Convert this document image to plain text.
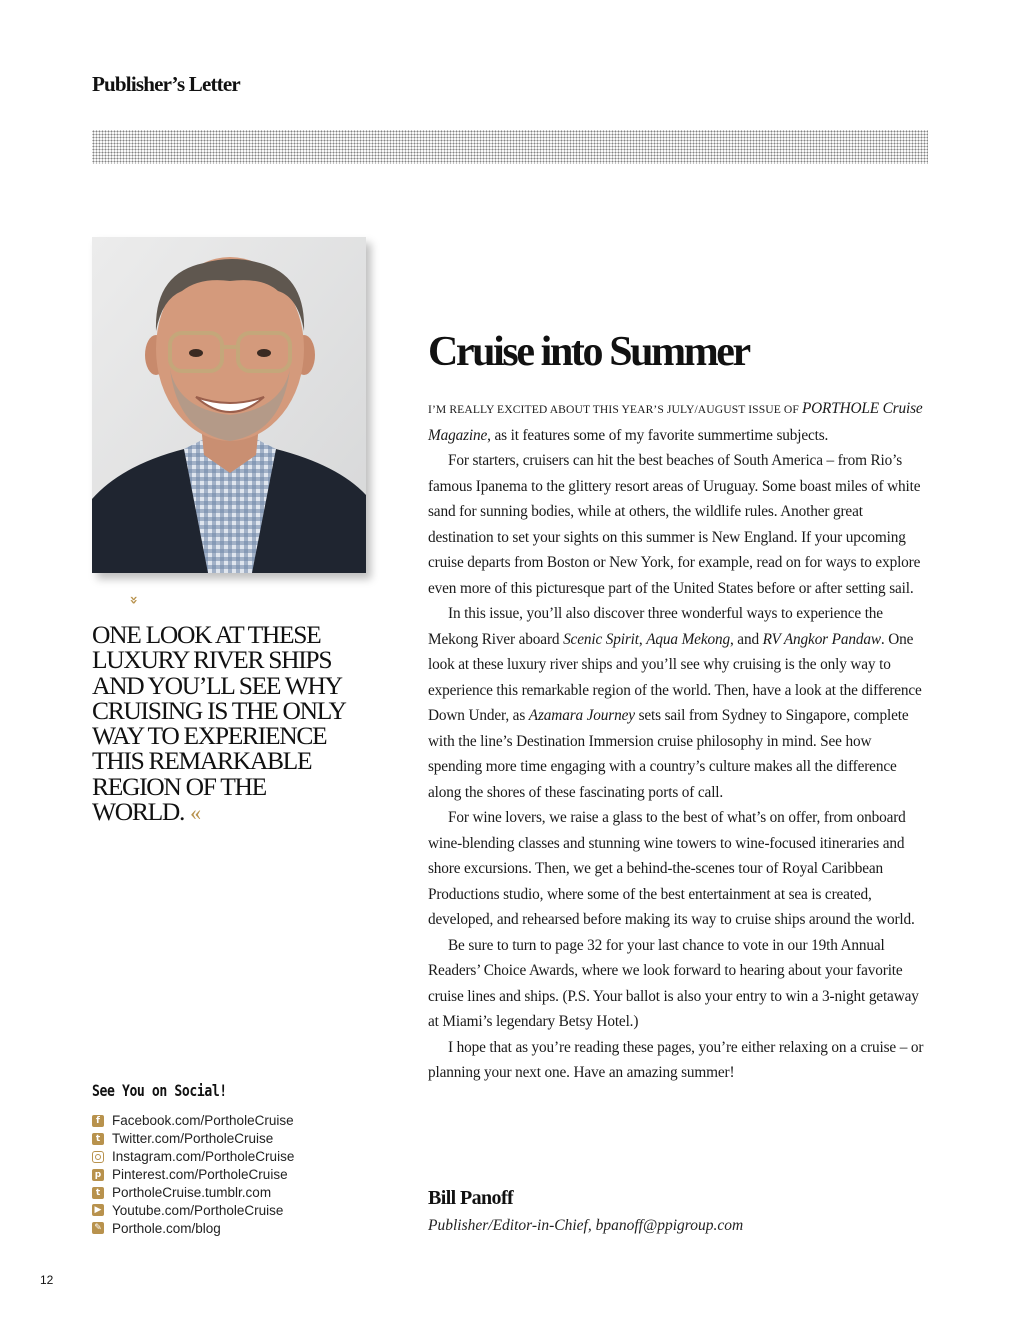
Publisher’s Letter
»
ONE LOOK AT THESE LUXURY RIVER SHIPS AND YOU’LL SEE WHY CRUISING IS THE ONLY WAY TO EXPERIENCE THIS REMARKABLE REGION OF THE WORLD. «
See You on Social!
f Facebook.com/PortholeCruise
t Twitter.com/PortholeCruise
Instagram.com/PortholeCruise
p Pinterest.com/PortholeCruise
t PortholeCruise.tumblr.com
▶ Youtube.com/PortholeCruise
✎ Porthole.com/blog
12
Cruise into Summer

I’M REALLY EXCITED ABOUT THIS YEAR’S JULY/AUGUST ISSUE OF PORTHOLE Cruise Magazine, as it features some of my favorite summertime subjects.

For starters, cruisers can hit the best beaches of South America – from Rio’s famous Ipanema to the glittery resort areas of Uruguay. Some boast miles of white sand for sunning bodies, while at others, the wildlife rules. Another great destination to set your sights on this summer is New England. If your upcoming cruise departs from Boston or New York, for example, read on for ways to explore even more of this picturesque part of the United States before or after setting sail.

In this issue, you’ll also discover three wonderful ways to experience the Mekong River aboard Scenic Spirit, Aqua Mekong, and RV Angkor Pandaw. One look at these luxury river ships and you’ll see why cruising is the only way to experience this remarkable region of the world. Then, have a look at the difference Down Under, as Azamara Journey sets sail from Sydney to Singapore, complete with the line’s Destination Immersion cruise philosophy in mind. See how spending more time engaging with a country’s culture makes all the difference along the shores of these fascinating ports of call.

For wine lovers, we raise a glass to the best of what’s on offer, from onboard wine-blending classes and stunning wine towers to wine-focused itineraries and shore excursions. Then, we get a behind-the-scenes tour of Royal Caribbean Productions studio, where some of the best entertainment at sea is created, developed, and rehearsed before making its way to cruise ships around the world.

Be sure to turn to page 32 for your last chance to vote in our 19th Annual Readers’ Choice Awards, where we look forward to hearing about your favorite cruise lines and ships. (P.S. Your ballot is also your entry to win a 3-night getaway at Miami’s legendary Betsy Hotel.)

I hope that as you’re reading these pages, you’re either relaxing on a cruise – or planning your next one. Have an amazing summer!

Bill Panoff
Publisher/Editor-in-Chief, bpanoff@ppigroup.com
